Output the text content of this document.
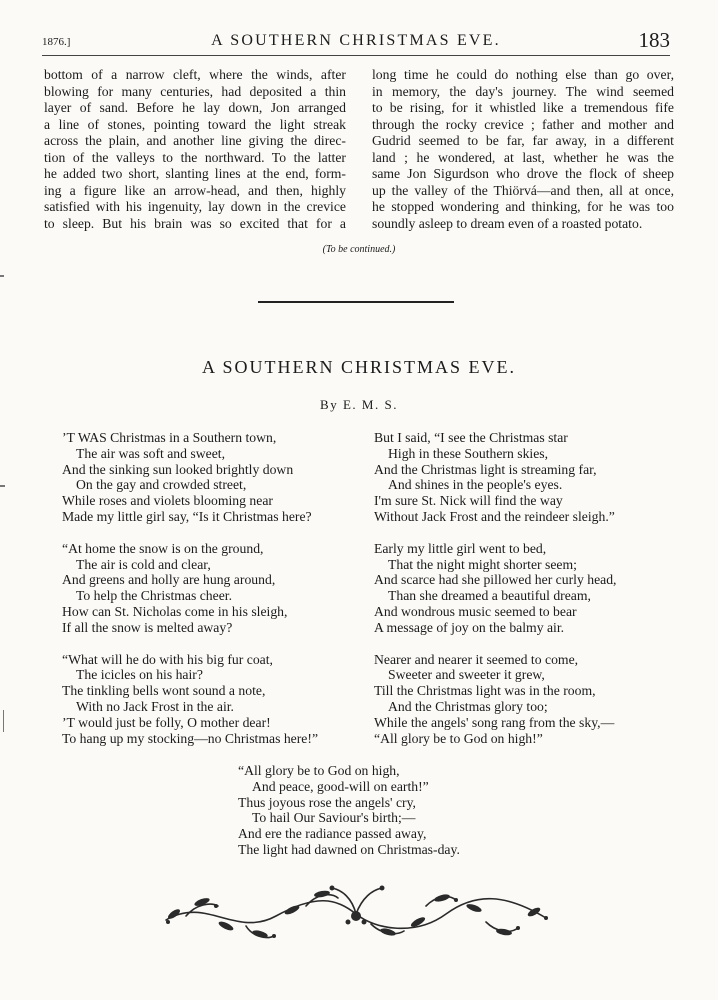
1876.]	A SOUTHERN CHRISTMAS EVE.	183
bottom of a narrow cleft, where the winds, after
blowing for many centuries, had deposited a thin
layer of sand. Before he lay down, Jon arranged
a line of stones, pointing toward the light streak
across the plain, and another line giving the direc-
tion of the valleys to the northward. To the latter
he added two short, slanting lines at the end, form-
ing a figure like an arrow-head, and then, highly
satisfied with his ingenuity, lay down in the crevice
to sleep. But his brain was so excited that for a
long time he could do nothing else than go over,
in memory, the day's journey. The wind seemed
to be rising, for it whistled like a tremendous fife
through the rocky crevice ; father and mother and
Gudrid seemed to be far, far away, in a different
land ; he wondered, at last, whether he was the
same Jon Sigurdson who drove the flock of sheep
up the valley of the Thiörvá—and then, all at once,
he stopped wondering and thinking, for he was too
soundly asleep to dream even of a roasted potato.
(To be continued.)
A SOUTHERN CHRISTMAS EVE.
By E. M. S.
’T WAS Christmas in a Southern town,
The air was soft and sweet,
And the sinking sun looked brightly down
On the gay and crowded street,
While roses and violets blooming near
Made my little girl say, “Is it Christmas here?
“At home the snow is on the ground,
The air is cold and clear,
And greens and holly are hung around,
To help the Christmas cheer.
How can St. Nicholas come in his sleigh,
If all the snow is melted away?
“What will he do with his big fur coat,
The icicles on his hair?
The tinkling bells wont sound a note,
With no Jack Frost in the air.
’T would just be folly, O mother dear!
To hang up my stocking—no Christmas here!”
But I said, “I see the Christmas star
High in these Southern skies,
And the Christmas light is streaming far,
And shines in the people's eyes.
I'm sure St. Nick will find the way
Without Jack Frost and the reindeer sleigh.”
Early my little girl went to bed,
That the night might shorter seem;
And scarce had she pillowed her curly head,
Than she dreamed a beautiful dream,
And wondrous music seemed to bear
A message of joy on the balmy air.
Nearer and nearer it seemed to come,
Sweeter and sweeter it grew,
Till the Christmas light was in the room,
And the Christmas glory too;
While the angels' song rang from the sky,—
“All glory be to God on high!”
“All glory be to God on high,
And peace, good-will on earth!”
Thus joyous rose the angels' cry,
To hail Our Saviour's birth;—
And ere the radiance passed away,
The light had dawned on Christmas-day.
